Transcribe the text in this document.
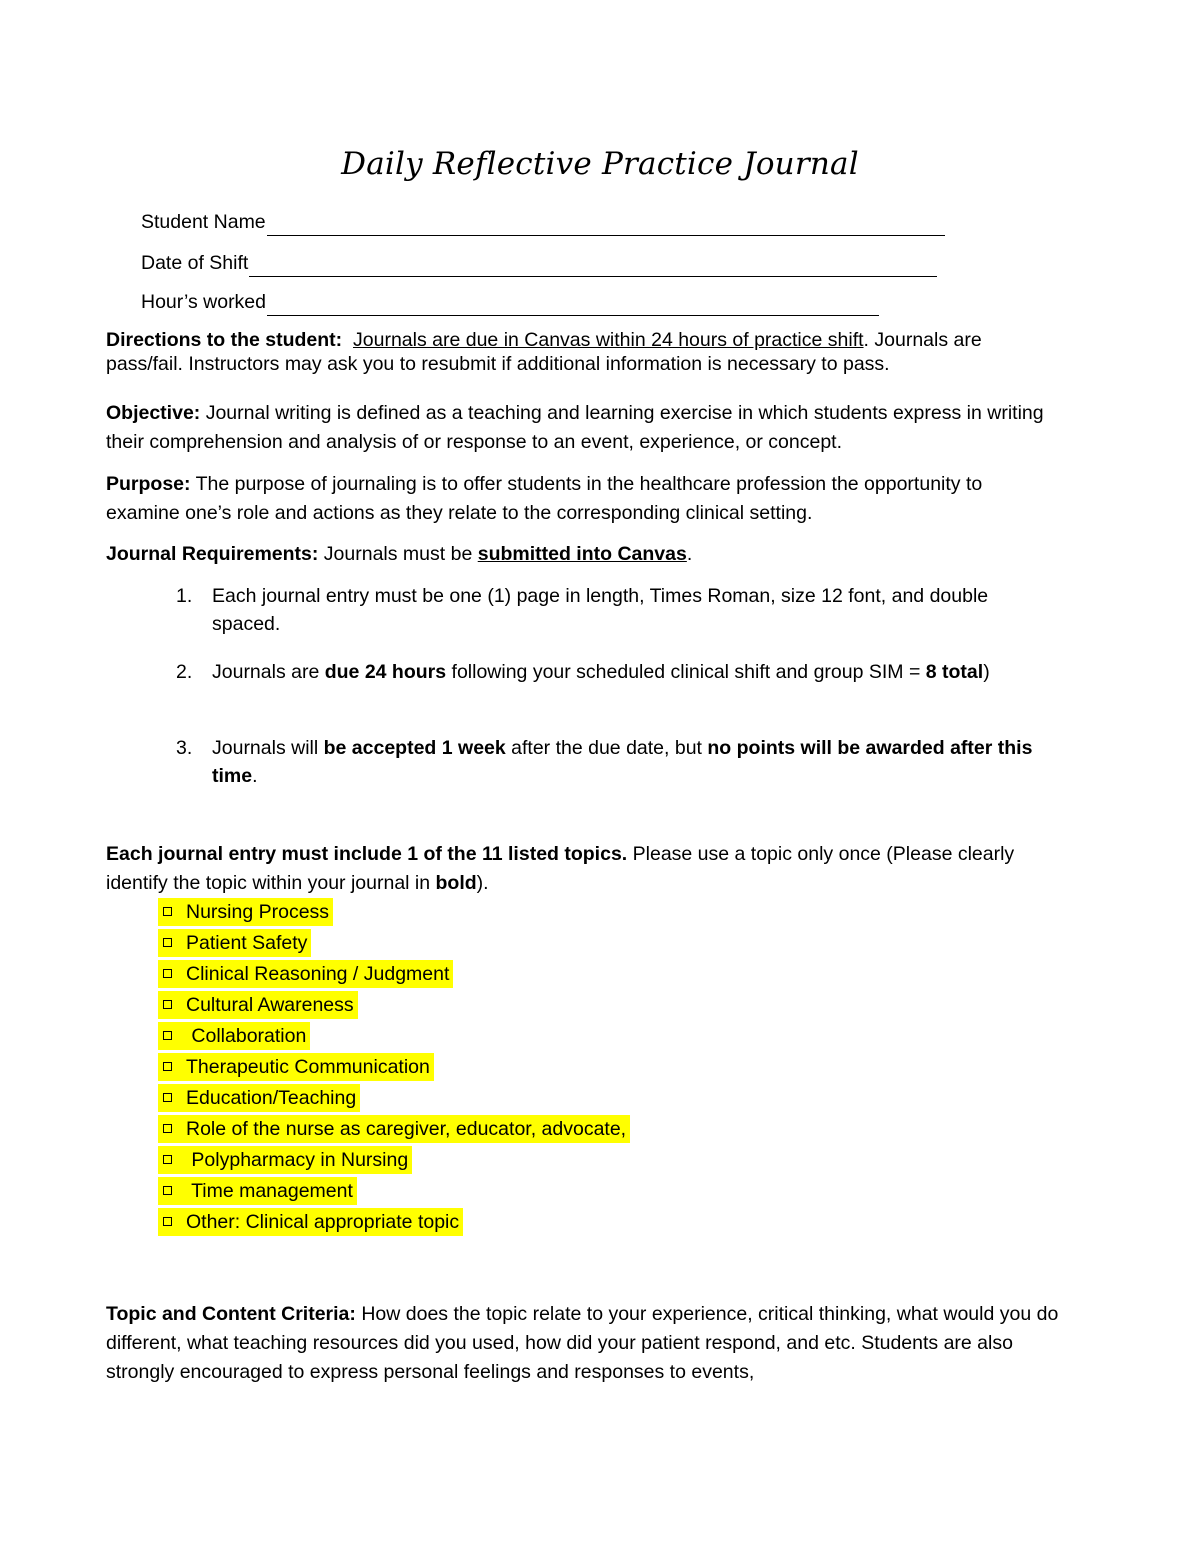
Daily Reflective Practice Journal
Student Name
Date of Shift
Hour’s worked
Directions to the student: Journals are due in Canvas within 24 hours of practice shift. Journals are pass/fail. Instructors may ask you to resubmit if additional information is necessary to pass.
Objective: Journal writing is defined as a teaching and learning exercise in which students express in writing their comprehension and analysis of or response to an event, experience, or concept.
Purpose: The purpose of journaling is to offer students in the healthcare profession the opportunity to examine one’s role and actions as they relate to the corresponding clinical setting.
Journal Requirements: Journals must be submitted into Canvas.
1.	Each journal entry must be one (1) page in length, Times Roman, size 12 font, and double spaced.
2.	Journals are due 24 hours following your scheduled clinical shift and group SIM = 8 total)
3.	Journals will be accepted 1 week after the due date, but no points will be awarded after this time.
Each journal entry must include 1 of the 11 listed topics. Please use a topic only once (Please clearly identify the topic within your journal in bold).
Nursing Process
Patient Safety
Clinical Reasoning / Judgment
Cultural Awareness
Collaboration
Therapeutic Communication
Education/Teaching
Role of the nurse as caregiver, educator, advocate,
Polypharmacy in Nursing
Time management
Other: Clinical appropriate topic
Topic and Content Criteria: How does the topic relate to your experience, critical thinking, what would you do different, what teaching resources did you used, how did your patient respond, and etc. Students are also strongly encouraged to express personal feelings and responses to events,
